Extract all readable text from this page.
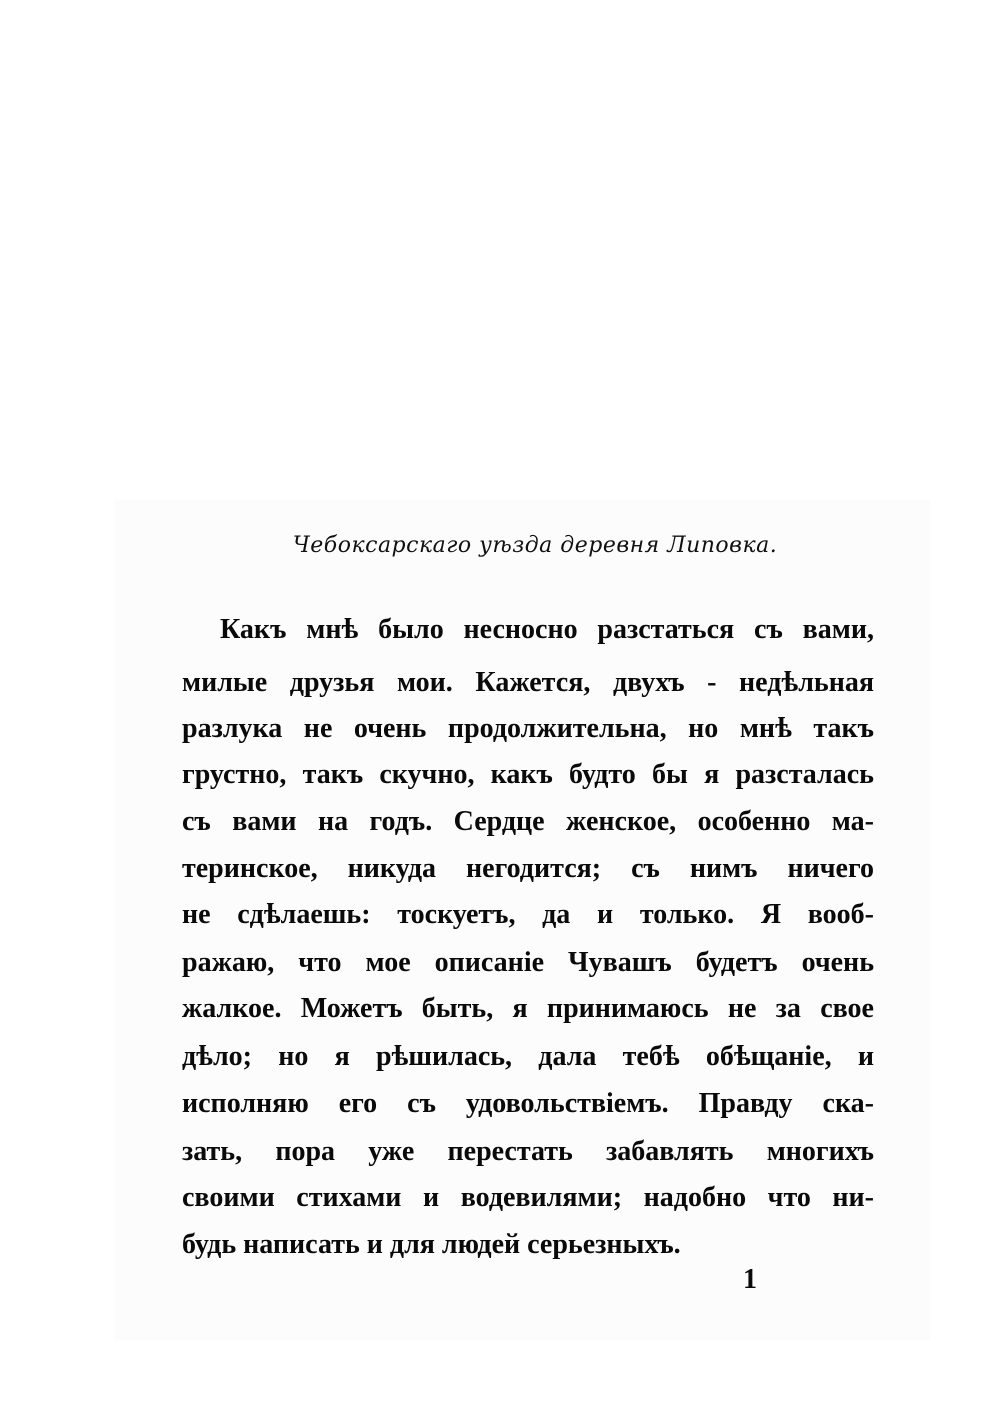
Чебоксарскаго уѣзда деревня Липовка.
Какъ мнѣ было несносно разстаться съ вами,
милые друзья мои. Кажется, двухъ - недѣльная
разлука не очень продолжительна, но мнѣ такъ
грустно, такъ скучно, какъ будто бы я разсталась
съ вами на годъ. Сердце женское, особенно ма-
теринское, никуда негодится; съ нимъ ничего
не сдѣлаешь: тоскуетъ, да и только. Я вооб-
ражаю, что мое описаніе Чувашъ будетъ очень
жалкое. Можетъ быть, я принимаюсь не за свое
дѣло; но я рѣшилась, дала тебѣ обѣщаніе, и
исполняю его съ удовольствіемъ. Правду ска-
зать, пора уже перестать забавлять многихъ
своими стихами и водевилями; надобно что ни-
будь написать и для людей серьезныхъ.
1
